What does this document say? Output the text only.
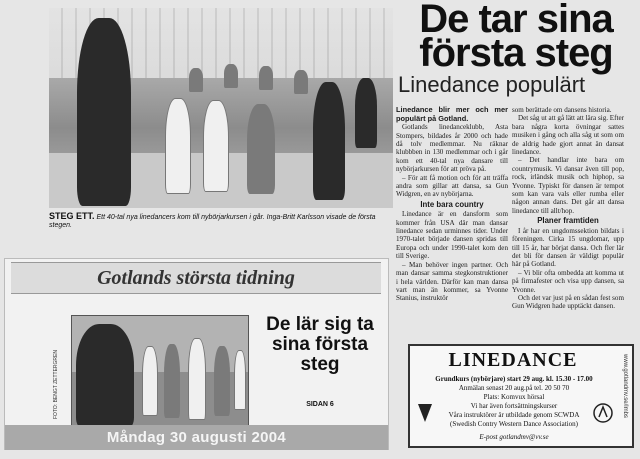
STEG ETT. Ett 40-tal nya linedancers kom till nybörjarkursen i går. Inga-Britt Karlsson visade de första stegen.
De tar sina
första steg
Linedance populärt

Linedance blir mer och mer populärt på Gotland.

Gotlands linedanceklubb, Asta Stompers, bildades år 2000 och hade då tolv medlemmar. Nu räknar klubbben in 130 medlemmar och i går kom ett 40-tal nya dansare till nybörjarkursen för att pröva på.

– För att få motion och för att träffa andra som gillar att dansa, sa Gun Widgren, en av nybörjarna.

Inte bara country

Linedance är en dansform som kommer från USA där man dansar linedance sedan urminnes tider. Under 1970-talet började dansen spridas till Europa och under 1990-talet kom den till Sverige.

– Man behöver ingen partner. Och man dansar samma stegkonstruktioner i hela världen. Därför kan man dansa vart man än kommer, sa Yvonne Stanius, instruktör

som berättade om dansens historia.

Det såg ut att gå lätt att lära sig. Efter bara några korta övningar sattes musiken i gång och alla såg ut som om de aldrig hade gjort annat än dansat linedance.

– Det handlar inte bara om countrymusik. Vi dansar även till pop, rock, irländsk musik och hiphop, sa Yvonne. Typiskt för dansen är tempot som kan vara vals eller rumba eller någon annan dans. Det går att dansa linedance till allt/hop.

Planer framtiden

I år har en ungdomssektion bildats i föreningen. Cirka 15 ungdomar, upp till 15 år, har börjat dansa. Och fler lär det bli för dansen är väldigt populär här på Gotland.

– Vi blir ofta ombedda att komma ut på firmafester och visa upp dansen, sa Yvonne.

Och det var just på en sådan fest som Gun Widgren hade upptäckt dansen.

Gotlands största tidning
FOTO: BENGT ZETTERGREN
De lär sig ta sina första steg
SIDAN 6
Måndag 30 augusti 2004
LINEDANCE
Grundkurs (nybörjare) start 29 aug. kl. 15.30 - 17.00
Anmälan senast 20 aug.på tel. 20 50 70
Plats: Komvux hörsal
Vi har även fortsättningskurser
Våra instruktörer är utbildade genom SCWDA
(Swedish Contry Western Dance Association)
E-post gotlandmv@vv.se
www.gotlandmv.se/lmbs
